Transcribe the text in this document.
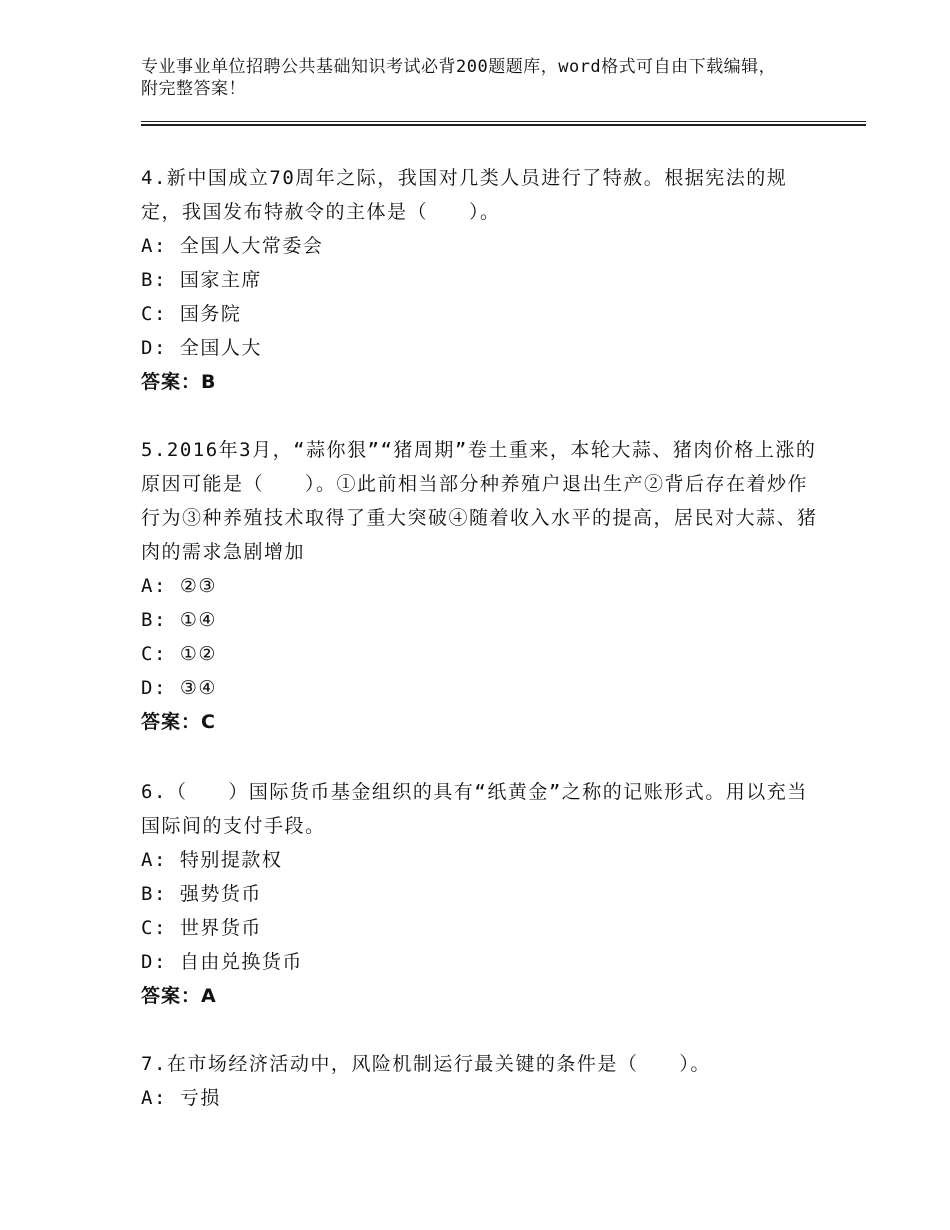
专业事业单位招聘公共基础知识考试必背200题题库，word格式可自由下载编辑，附完整答案！
4.新中国成立70周年之际，我国对几类人员进行了特赦。根据宪法的规定，我国发布特赦令的主体是（　　）。
A: 全国人大常委会
B: 国家主席
C: 国务院
D: 全国人大
答案：B
5.2016年3月，“蒜你狠”“猪周期”卷土重来，本轮大蒜、猪肉价格上涨的原因可能是（　　）。①此前相当部分种养殖户退出生产②背后存在着炒作行为③种养殖技术取得了重大突破④随着收入水平的提高，居民对大蒜、猪肉的需求急剧增加
A: ②③
B: ①④
C: ①②
D: ③④
答案：C
6.（　　）国际货币基金组织的具有“纸黄金”之称的记账形式。用以充当国际间的支付手段。
A: 特别提款权
B: 强势货币
C: 世界货币
D: 自由兑换货币
答案：A
7.在市场经济活动中，风险机制运行最关键的条件是（　　）。
A: 亏损
